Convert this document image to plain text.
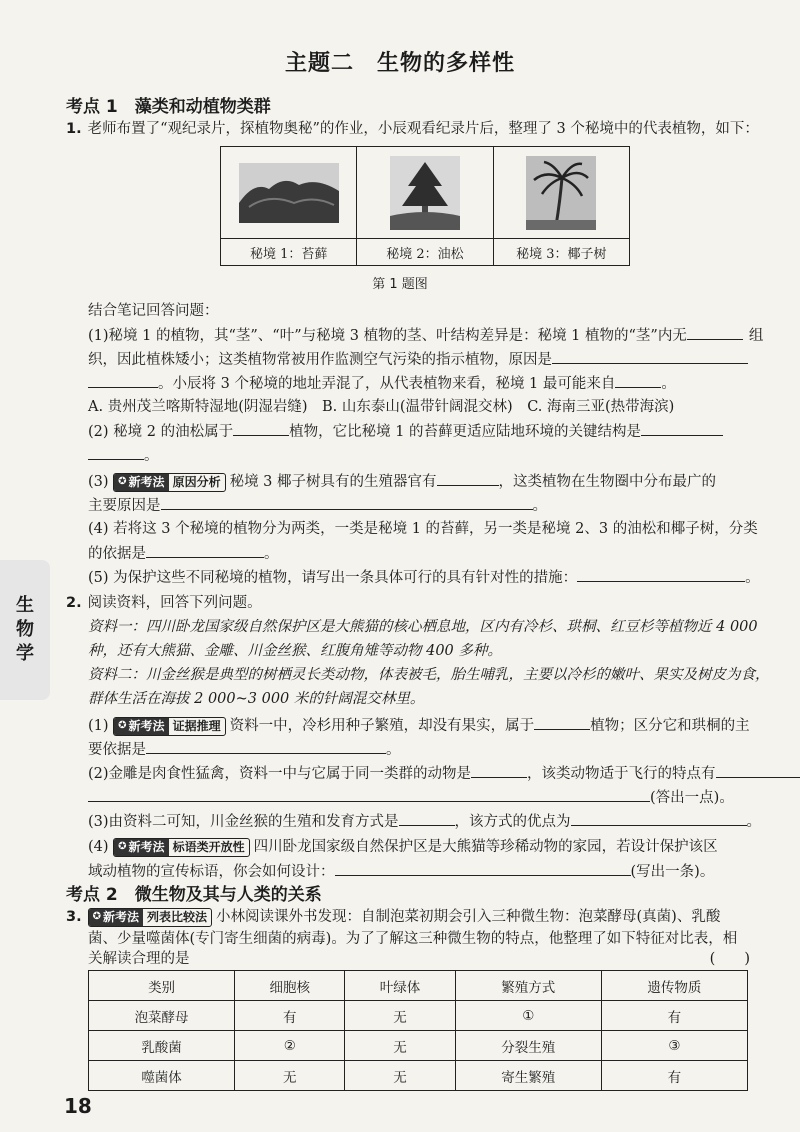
主题二　生物的多样性
考点 1　藻类和动植物类群
1. 老师布置了“观纪录片，探植物奥秘”的作业，小辰观看纪录片后，整理了 3 个秘境中的代表植物，如下：
秘境 1：苔藓	秘境 2：油松	秘境 3：椰子树
第 1 题图
结合笔记回答问题：
(1)秘境 1 的植物，其“茎”、“叶”与秘境 3 植物的茎、叶结构差异是：秘境 1 植物的“茎”内无	组
织，因此植株矮小；这类植物常被用作监测空气污染的指示植物，原因是
。小辰将 3 个秘境的地址弄混了，从代表植物来看，秘境 1 最可能来自	。
A. 贵州茂兰喀斯特湿地(阴湿岩缝)　B. 山东泰山(温带针阔混交林)　C. 海南三亚(热带海滨)
(2) 秘境 2 的油松属于	植物，它比秘境 1 的苔藓更适应陆地环境的关键结构是
。
(3) ✪ 新考法 原因分析 秘境 3 椰子树具有的生殖器官有	，这类植物在生物圈中分布最广的
主要原因是	。
(4) 若将这 3 个秘境的植物分为两类，一类是秘境 1 的苔藓，另一类是秘境 2、3 的油松和椰子树，分类
的依据是	。
(5) 为保护这些不同秘境的植物，请写出一条具体可行的具有针对性的措施：	。
2. 阅读资料，回答下列问题。
资料一：四川卧龙国家级自然保护区是大熊猫的核心栖息地，区内有冷杉、珙桐、红豆杉等植物近 4 000
种，还有大熊猫、金雕、川金丝猴、红腹角雉等动物 400 多种。
资料二：川金丝猴是典型的树栖灵长类动物，体表被毛，胎生哺乳，主要以冷杉的嫩叶、果实及树皮为食，
群体生活在海拔 2 000~3 000 米的针阔混交林里。
(1) ✪ 新考法 证据推理 资料一中，冷杉用种子繁殖，却没有果实，属于	植物；区分它和珙桐的主
要依据是	。
(2)金雕是肉食性猛禽，资料一中与它属于同一类群的动物是	，该类动物适于飞行的特点有
(答出一点)。
(3)由资料二可知，川金丝猴的生殖和发育方式是	，该方式的优点为	。
(4) ✪ 新考法 标语类开放性 四川卧龙国家级自然保护区是大熊猫等珍稀动物的家园，若设计保护该区
域动植物的宣传标语，你会如何设计：	(写出一条)。
考点 2　微生物及其与人类的关系
3. ✪ 新考法 列表比较法 小林阅读课外书发现：自制泡菜初期会引入三种微生物：泡菜酵母(真菌)、乳酸
菌、少量噬菌体(专门寄生细菌的病毒)。为了了解这三种微生物的特点，他整理了如下特征对比表，相
关解读合理的是	(　　)
类别	细胞核	叶绿体	繁殖方式	遗传物质
泡菜酵母	有	无	①	有
乳酸菌	②	无	分裂生殖	③
噬菌体	无	无	寄生繁殖	有
生
物
学
18
